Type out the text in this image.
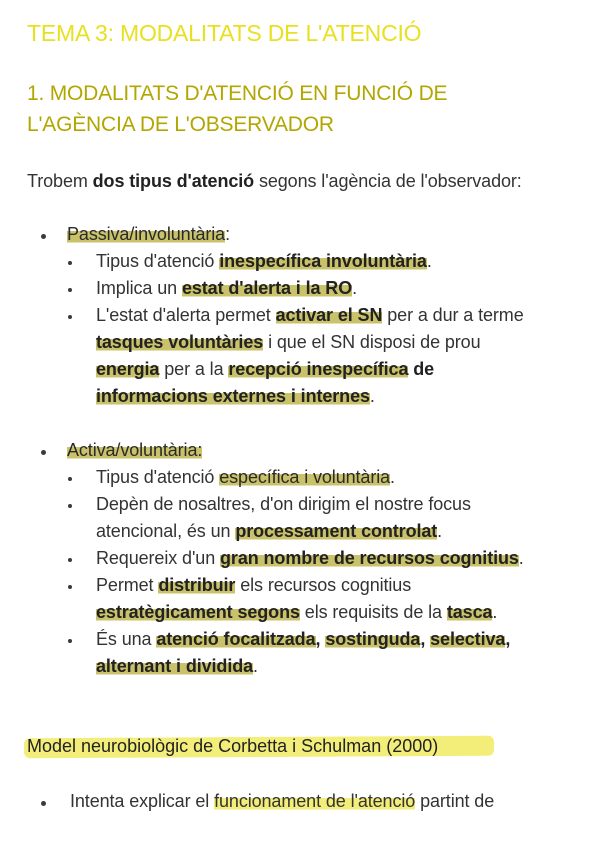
TEMA 3: MODALITATS DE L'ATENCIÓ
1. MODALITATS D'ATENCIÓ EN FUNCIÓ DE
L'AGÈNCIA DE L'OBSERVADOR
Trobem dos tipus d'atenció segons l'agència de l'observador:
Passiva/involuntària:
Tipus d'atenció inespecífica involuntària.
Implica un estat d'alerta i la RO.
L'estat d'alerta permet activar el SN per a dur a terme
tasques voluntàries i que el SN disposi de prou
energia per a la recepció inespecífica de
informacions externes i internes.
Activa/voluntària:
Tipus d'atenció específica i voluntària.
Depèn de nosaltres, d'on dirigim el nostre focus
atencional, és un processament controlat.
Requereix d'un gran nombre de recursos cognitius.
Permet distribuir els recursos cognitius
estratègicament segons els requisits de la tasca.
És una atenció focalitzada, sostinguda, selectiva,
alternant i dividida.
Model neurobiològic de Corbetta i Schulman (2000)
Intenta explicar el funcionament de l'atenció partint de
